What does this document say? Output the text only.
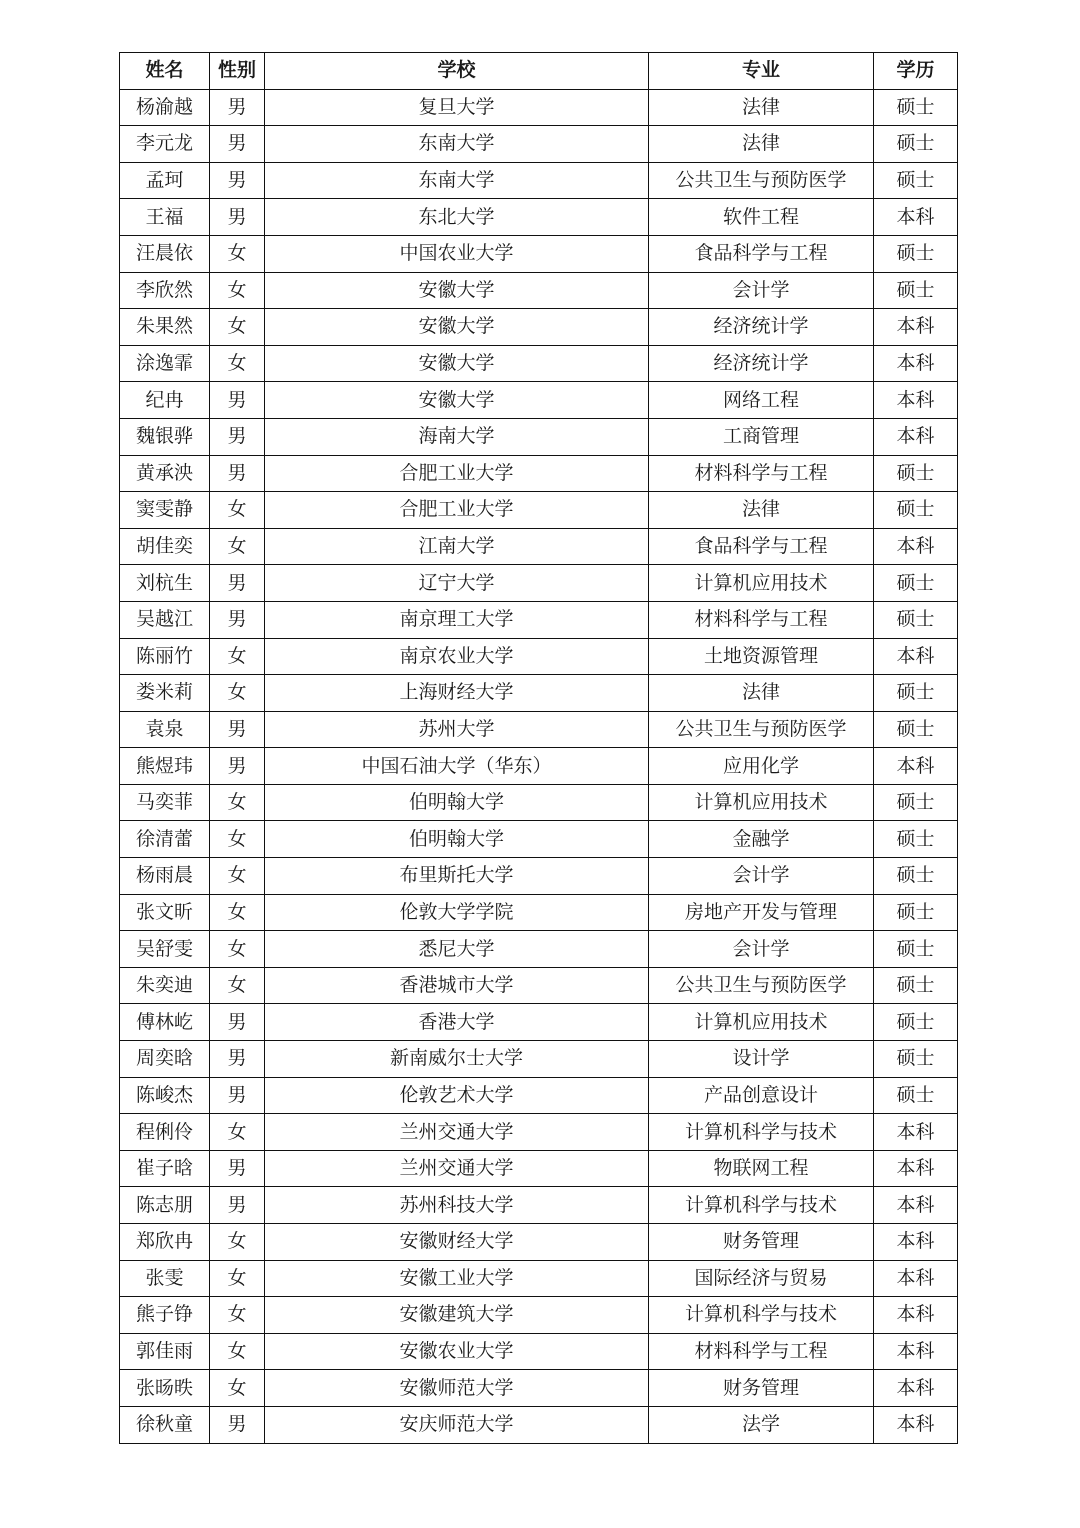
姓名	性别	学校	专业	学历
杨渝越	男	复旦大学	法律	硕士
李元龙	男	东南大学	法律	硕士
孟珂	男	东南大学	公共卫生与预防医学	硕士
王福	男	东北大学	软件工程	本科
汪晨依	女	中国农业大学	食品科学与工程	硕士
李欣然	女	安徽大学	会计学	硕士
朱果然	女	安徽大学	经济统计学	本科
涂逸霏	女	安徽大学	经济统计学	本科
纪冉	男	安徽大学	网络工程	本科
魏银骅	男	海南大学	工商管理	本科
黄承泱	男	合肥工业大学	材料科学与工程	硕士
窦雯静	女	合肥工业大学	法律	硕士
胡佳奕	女	江南大学	食品科学与工程	本科
刘杭生	男	辽宁大学	计算机应用技术	硕士
吴越江	男	南京理工大学	材料科学与工程	硕士
陈丽竹	女	南京农业大学	土地资源管理	本科
娄米莉	女	上海财经大学	法律	硕士
袁泉	男	苏州大学	公共卫生与预防医学	硕士
熊煜玮	男	中国石油大学（华东）	应用化学	本科
马奕菲	女	伯明翰大学	计算机应用技术	硕士
徐清蕾	女	伯明翰大学	金融学	硕士
杨雨晨	女	布里斯托大学	会计学	硕士
张文昕	女	伦敦大学学院	房地产开发与管理	硕士
吴舒雯	女	悉尼大学	会计学	硕士
朱奕迪	女	香港城市大学	公共卫生与预防医学	硕士
傅林屹	男	香港大学	计算机应用技术	硕士
周奕晗	男	新南威尔士大学	设计学	硕士
陈峻杰	男	伦敦艺术大学	产品创意设计	硕士
程俐伶	女	兰州交通大学	计算机科学与技术	本科
崔子晗	男	兰州交通大学	物联网工程	本科
陈志朋	男	苏州科技大学	计算机科学与技术	本科
郑欣冉	女	安徽财经大学	财务管理	本科
张雯	女	安徽工业大学	国际经济与贸易	本科
熊子铮	女	安徽建筑大学	计算机科学与技术	本科
郭佳雨	女	安徽农业大学	材料科学与工程	本科
张旸昳	女	安徽师范大学	财务管理	本科
徐秋童	男	安庆师范大学	法学	本科
